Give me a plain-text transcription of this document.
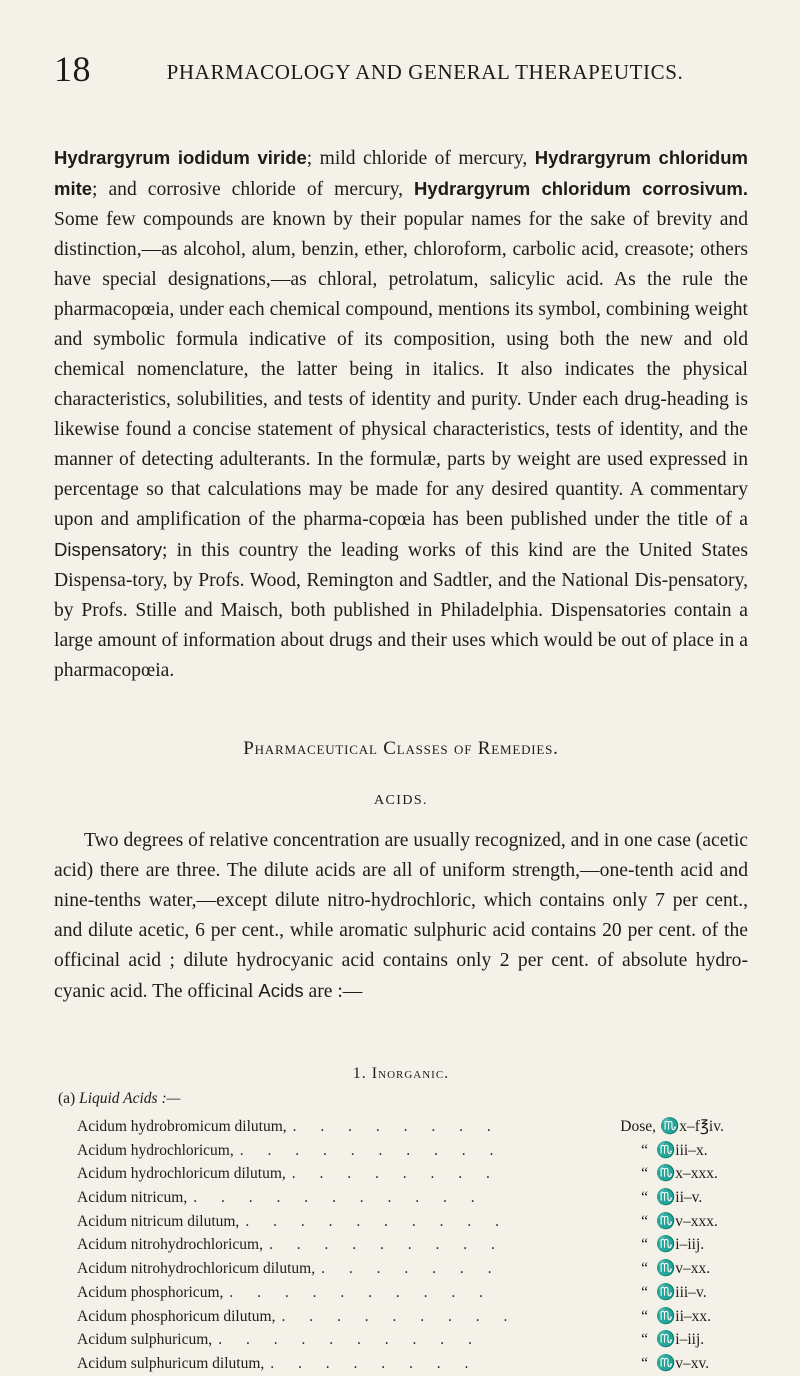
18	PHARMACOLOGY AND GENERAL THERAPEUTICS.

Hydrargyrum iodidum viride; mild chloride of mercury, Hydrargyrum chloridum mite; and corrosive chloride of mercury, Hydrargyrum chloridum corrosivum. Some few compounds are known by their popular names for the sake of brevity and distinction,—as alcohol, alum, benzin, ether, chloroform, carbolic acid, creasote; others have special designations,—as chloral, petrolatum, salicylic acid. As the rule the pharmacopœia, under each chemical compound, mentions its symbol, combining weight and symbolic formula indicative of its composition, using both the new and old chemical nomenclature, the latter being in italics. It also indicates the physical characteristics, solubilities, and tests of identity and purity. Under each drug-heading is likewise found a concise statement of physical characteristics, tests of identity, and the manner of detecting adulterants. In the formulæ, parts by weight are used expressed in percentage so that calculations may be made for any desired quantity. A commentary upon and amplification of the pharma-copœia has been published under the title of a Dispensatory; in this country the leading works of this kind are the United States Dispensa-tory, by Profs. Wood, Remington and Sadtler, and the National Dis-pensatory, by Profs. Stille and Maisch, both published in Philadelphia. Dispensatories contain a large amount of information about drugs and their uses which would be out of place in a pharmacopœia.

Pharmaceutical Classes of Remedies.
ACIDS.

Two degrees of relative concentration are usually recognized, and in one case (acetic acid) there are three. The dilute acids are all of uniform strength,—one-tenth acid and nine-tenths water,—except dilute nitro-hydrochloric, which contains only 7 per cent., and dilute acetic, 6 per cent., while aromatic sulphuric acid contains 20 per cent. of the officinal acid ; dilute hydrocyanic acid contains only 2 per cent. of absolute hydro-cyanic acid. The officinal Acids are :—

1. Inorganic.
(a) Liquid Acids :—
Acidum hydrobromicum dilutum, . . . . . . . .	Dose, ♏x–f℥iv.
Acidum hydrochloricum, . . . . . . . . . .	“ ♏iii–x.
Acidum hydrochloricum dilutum, . . . . . . . .	“ ♏x–xxx.
Acidum nitricum, . . . . . . . . . . .	“ ♏ii–v.
Acidum nitricum dilutum, . . . . . . . . . .	“ ♏v–xxx.
Acidum nitrohydrochloricum, . . . . . . . . .	“ ♏i–iij.
Acidum nitrohydrochloricum dilutum, . . . . . . .	“ ♏v–xx.
Acidum phosphoricum, . . . . . . . . . .	“ ♏iii–v.
Acidum phosphoricum dilutum, . . . . . . . . .	“ ♏ii–xx.
Acidum sulphuricum, . . . . . . . . . .	“ ♏i–iij.
Acidum sulphuricum dilutum, . . . . . . . .	“ ♏v–xv.
